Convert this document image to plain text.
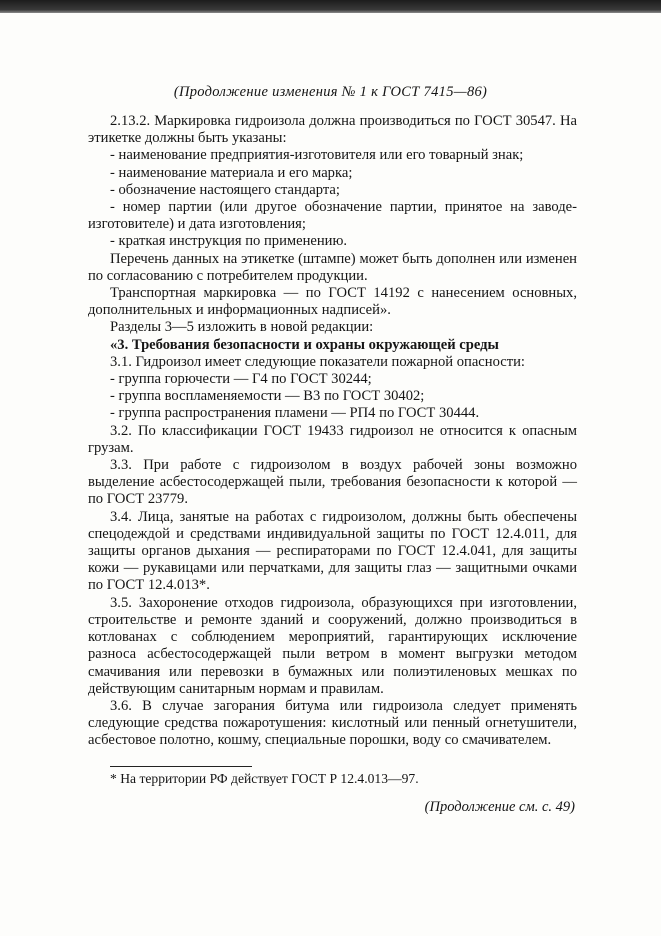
(Продолжение изменения № 1 к ГОСТ 7415—86)

2.13.2. Маркировка гидроизола должна производиться по ГОСТ 30547. На этикетке должны быть указаны:

- наименование предприятия-изготовителя или его товарный знак;

- наименование материала и его марка;

- обозначение настоящего стандарта;

- номер партии (или другое обозначение партии, принятое на заводе-изготовителе) и дата изготовления;

- краткая инструкция по применению.

Перечень данных на этикетке (штампе) может быть дополнен или изменен по согласованию с потребителем продукции.

Транспортная маркировка — по ГОСТ 14192 с нанесением основных, дополнительных и информационных надписей».

Разделы 3—5 изложить в новой редакции:

«3. Требования безопасности и охраны окружающей среды

3.1. Гидроизол имеет следующие показатели пожарной опасности:

- группа горючести — Г4 по ГОСТ 30244;

- группа воспламеняемости — В3 по ГОСТ 30402;

- группа распространения пламени — РП4 по ГОСТ 30444.

3.2. По классификации ГОСТ 19433 гидроизол не относится к опасным грузам.

3.3. При работе с гидроизолом в воздух рабочей зоны возможно выделение асбестосодержащей пыли, требования безопасности к которой — по ГОСТ 23779.

3.4. Лица, занятые на работах с гидроизолом, должны быть обеспечены спецодеждой и средствами индивидуальной защиты по ГОСТ 12.4.011, для защиты органов дыхания — респираторами по ГОСТ 12.4.041, для защиты кожи — рукавицами или перчатками, для защиты глаз — защитными очками по ГОСТ 12.4.013*.

3.5. Захоронение отходов гидроизола, образующихся при изготовлении, строительстве и ремонте зданий и сооружений, должно производиться в котлованах с соблюдением мероприятий, гарантирующих исключение разноса асбестосодержащей пыли ветром в момент выгрузки методом смачивания или перевозки в бумажных или полиэтиленовых мешках по действующим санитарным нормам и правилам.

3.6. В случае загорания битума или гидроизола следует применять следующие средства пожаротушения: кислотный или пенный огнетушители, асбестовое полотно, кошму, специальные порошки, воду со смачивателем.

* На территории РФ действует ГОСТ Р 12.4.013—97.
(Продолжение см. с. 49)
